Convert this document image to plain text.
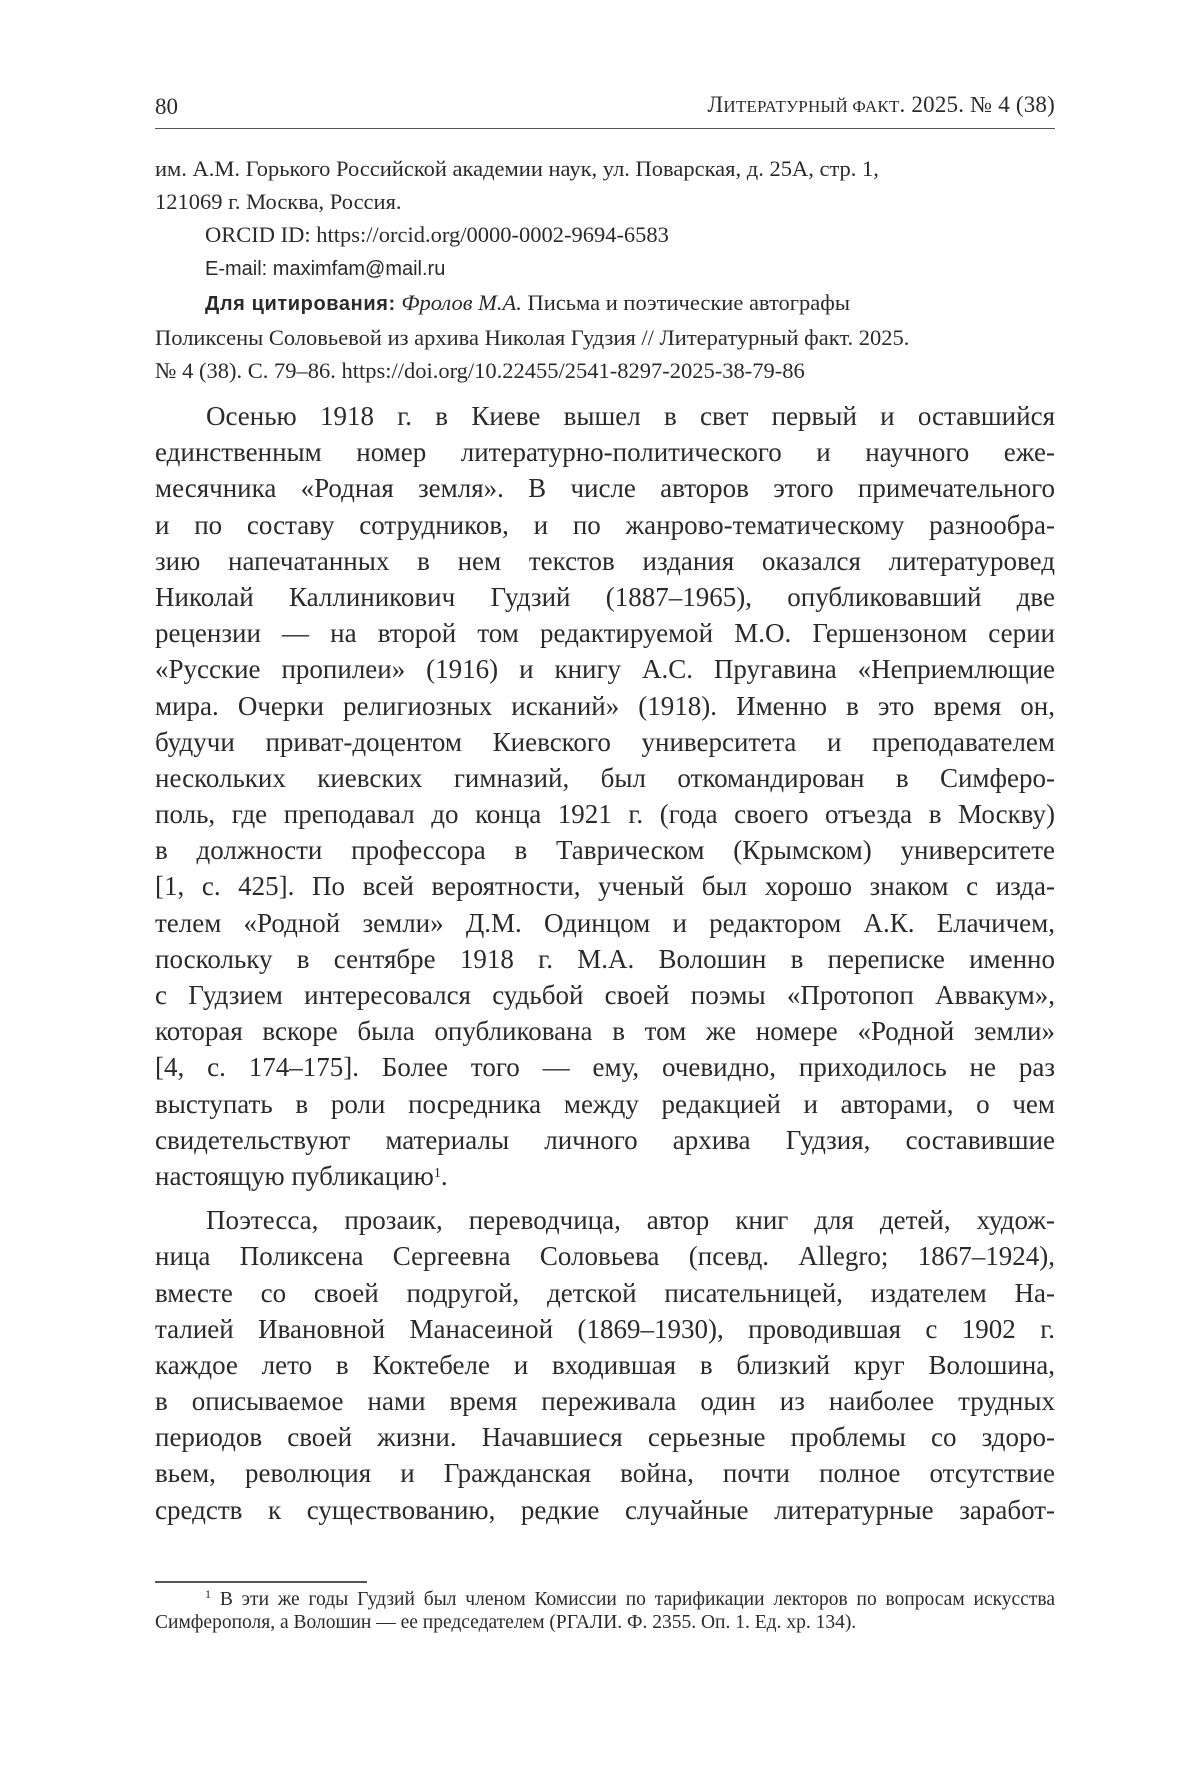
80	ЛИТЕРАТУРНЫЙ ФАКТ. 2025. № 4 (38)

им. А.М. Горького Российской академии наук, ул. Поварская, д. 25А, стр. 1,
121069 г. Москва, Россия.

ORCID ID: https://orcid.org/0000-0002-9694-6583

E-mail: maximfam@mail.ru

Для цитирования: Фролов М.А. Письма и поэтические автографы

Поликсены Соловьевой из архива Николая Гудзия // Литературный факт. 2025.

№ 4 (38). С. 79–86. https://doi.org/10.22455/2541-8297-2025-38-79-86

Осенью 1918 г. в Киеве вышел в свет первый и оставшийся
единственным номер литературно-политического и научного еже-
месячника «Родная земля». В числе авторов этого примечательного
и по составу сотрудников, и по жанрово-тематическому разнообра-
зию напечатанных в нем текстов издания оказался литературовед
Николай Каллиникович Гудзий (1887–1965), опубликовавший две
рецензии — на второй том редактируемой М.О. Гершензоном серии
«Русские пропилеи» (1916) и книгу А.С. Пругавина «Неприемлющие
мира. Очерки религиозных исканий» (1918). Именно в это время он,
будучи приват-доцентом Киевского университета и преподавателем
нескольких киевских гимназий, был откомандирован в Симферо-
поль, где преподавал до конца 1921 г. (года своего отъезда в Москву)
в должности профессора в Таврическом (Крымском) университете
[1, с. 425]. По всей вероятности, ученый был хорошо знаком с изда-
телем «Родной земли» Д.М. Одинцом и редактором А.К. Елачичем,
поскольку в сентябре 1918 г. М.А. Волошин в переписке именно
с Гудзием интересовался судьбой своей поэмы «Протопоп Аввакум»,
которая вскоре была опубликована в том же номере «Родной земли»
[4, с. 174–175]. Более того — ему, очевидно, приходилось не раз
выступать в роли посредника между редакцией и авторами, о чем
свидетельствуют материалы личного архива Гудзия, составившие
настоящую публикацию$^1$.

Поэтесса, прозаик, переводчица, автор книг для детей, худож-
ница Поликсена Сергеевна Соловьева (псевд. Allegro; 1867–1924),
вместе со своей подругой, детской писательницей, издателем На-
талией Ивановной Манасеиной (1869–1930), проводившая с 1902 г.
каждое лето в Коктебеле и входившая в близкий круг Волошина,
в описываемое нами время переживала один из наиболее трудных
периодов своей жизни. Начавшиеся серьезные проблемы со здоро-
вьем, революция и Гражданская война, почти полное отсутствие
средств к существованию, редкие случайные литературные заработ-

$^1$ В эти же годы Гудзий был членом Комиссии по тарификации лекторов по вопросам искусства Симферополя, а Волошин — ее председателем (РГАЛИ. Ф. 2355. Оп. 1. Ед. хр. 134).
